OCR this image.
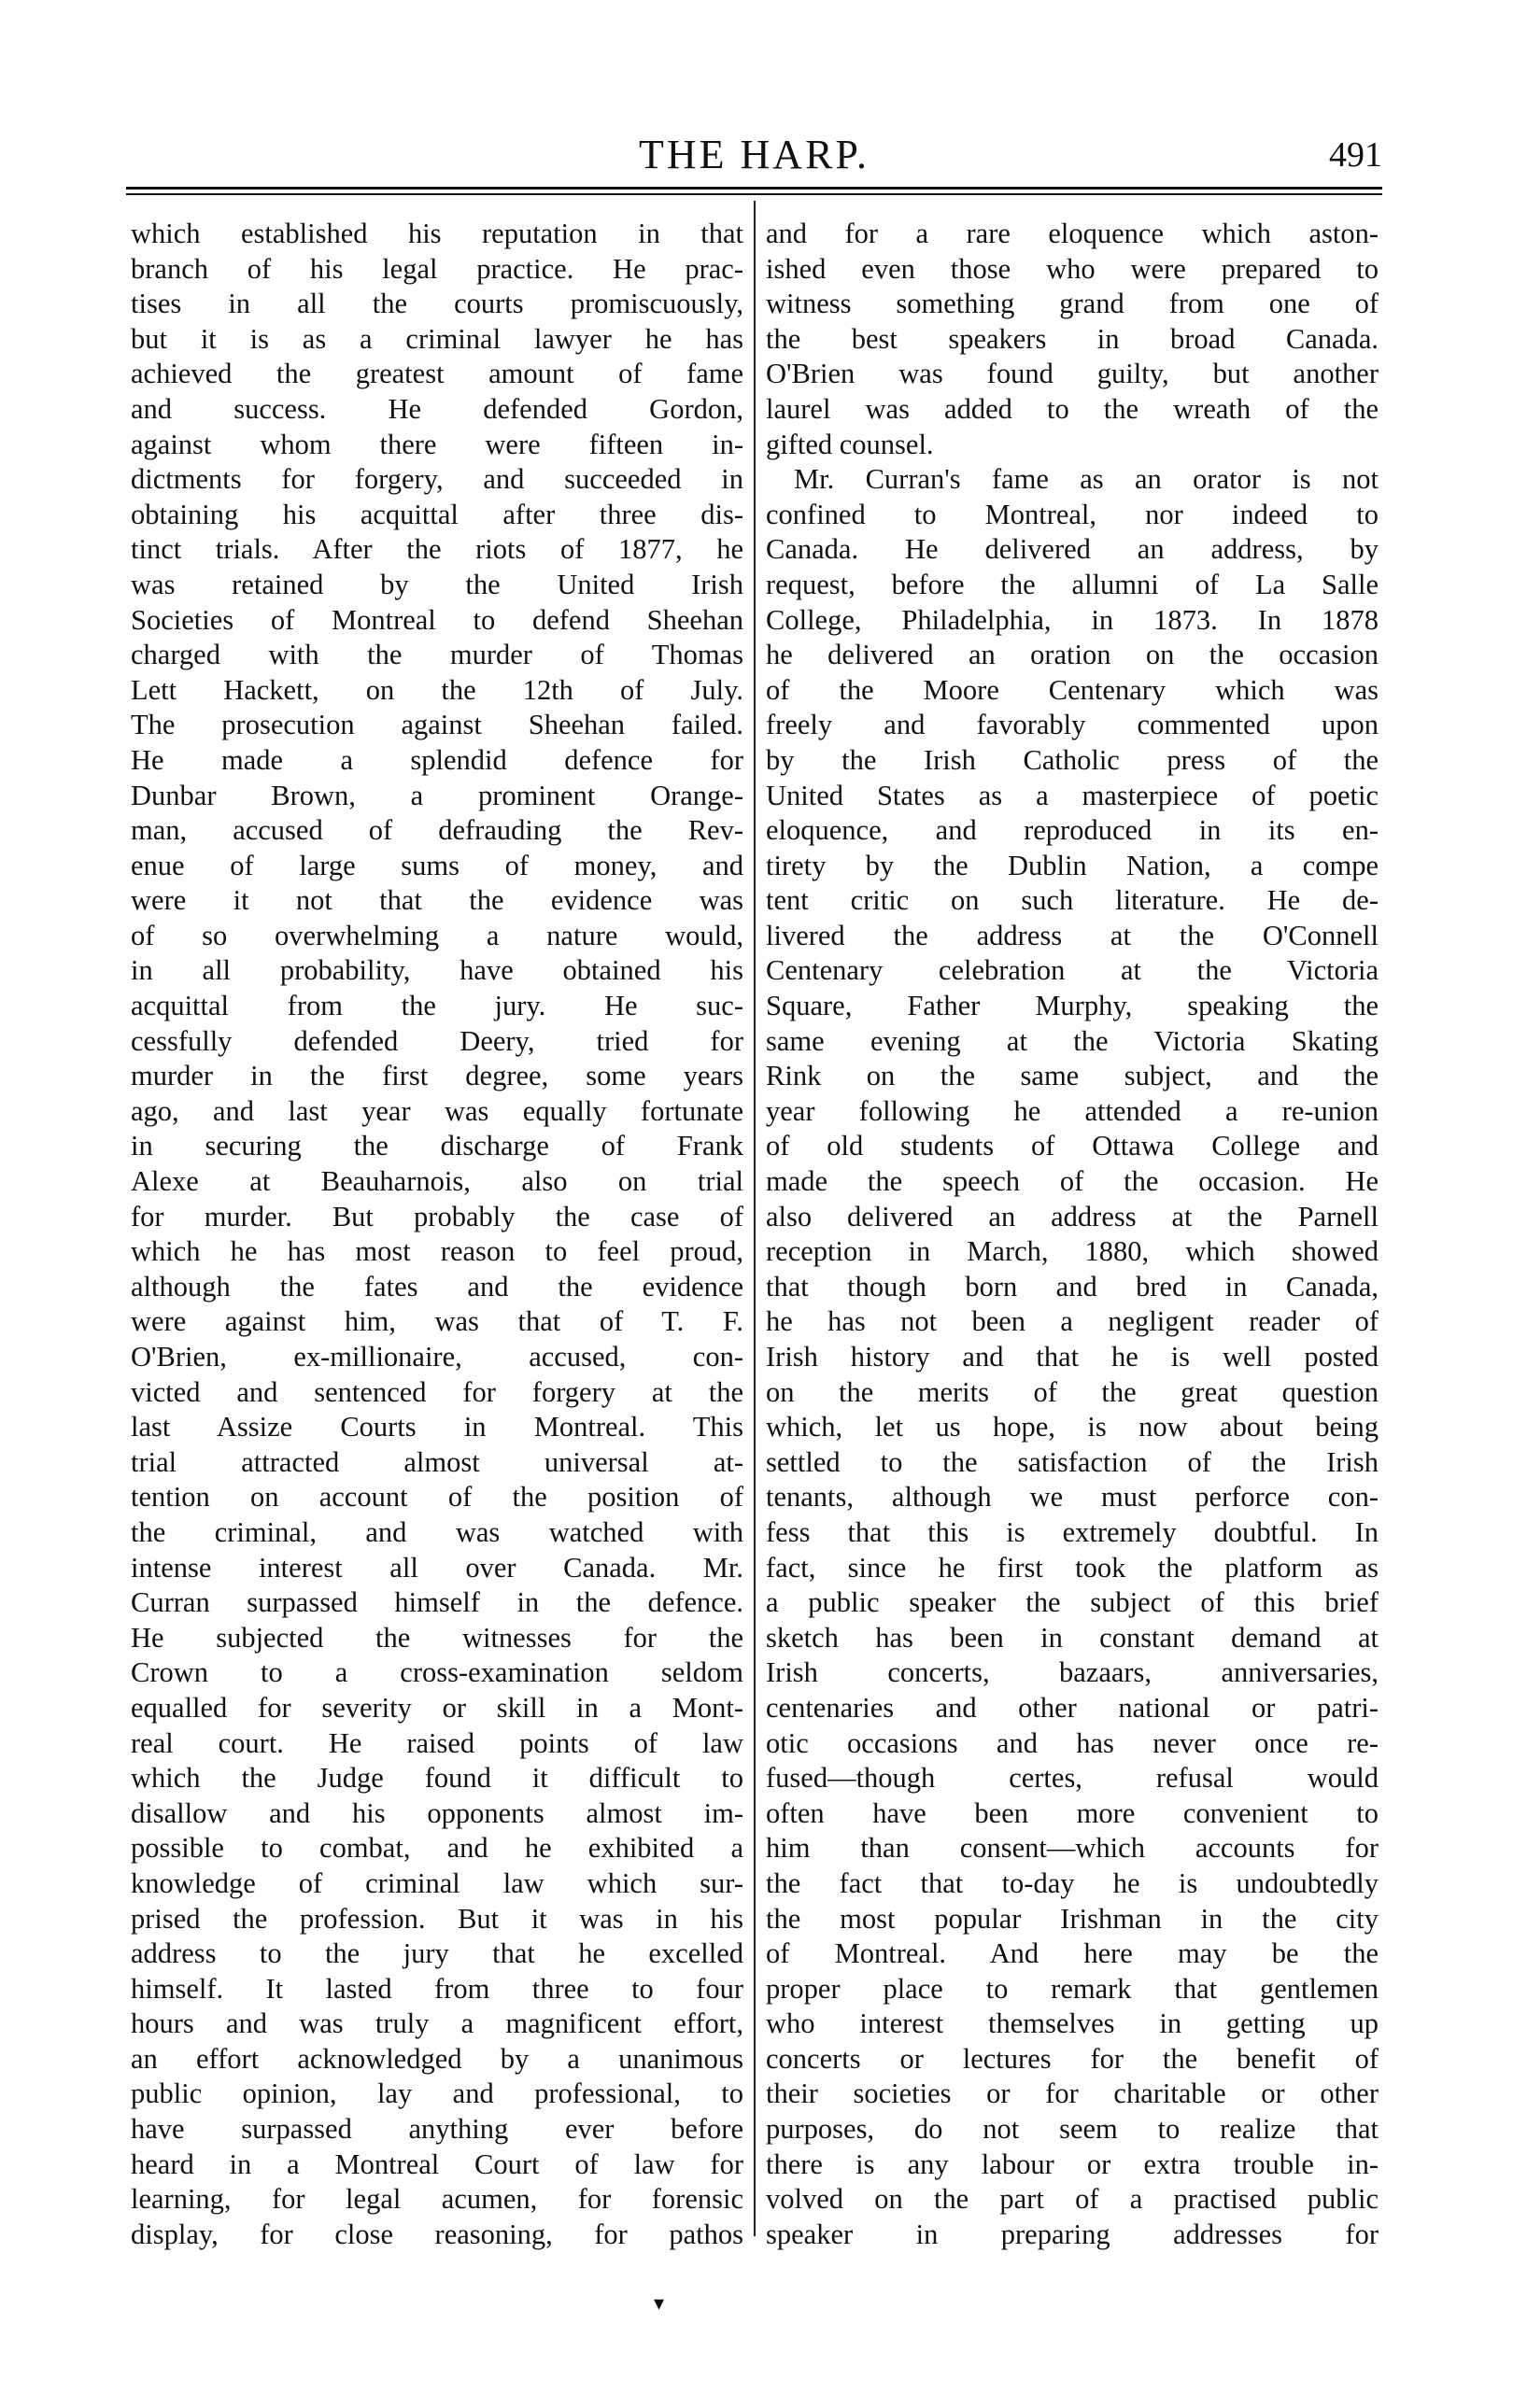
THE HARP.	491
which established his reputation in that
branch of his legal practice. He prac-
tises in all the courts promiscuously,
but it is as a criminal lawyer he has
achieved the greatest amount of fame
and success. He defended Gordon,
against whom there were fifteen in-
dictments for forgery, and succeeded in
obtaining his acquittal after three dis-
tinct trials. After the riots of 1877, he
was retained by the United Irish
Societies of Montreal to defend Sheehan
charged with the murder of Thomas
Lett Hackett, on the 12th of July.
The prosecution against Sheehan failed.
He made a splendid defence for
Dunbar Brown, a prominent Orange-
man, accused of defrauding the Rev-
enue of large sums of money, and
were it not that the evidence was
of so overwhelming a nature would,
in all probability, have obtained his
acquittal from the jury. He suc-
cessfully defended Deery, tried for
murder in the first degree, some years
ago, and last year was equally fortunate
in securing the discharge of Frank
Alexe at Beauharnois, also on trial
for murder. But probably the case of
which he has most reason to feel proud,
although the fates and the evidence
were against him, was that of T. F.
O'Brien, ex-millionaire, accused, con-
victed and sentenced for forgery at the
last Assize Courts in Montreal. This
trial attracted almost universal at-
tention on account of the position of
the criminal, and was watched with
intense interest all over Canada. Mr.
Curran surpassed himself in the defence.
He subjected the witnesses for the
Crown to a cross-examination seldom
equalled for severity or skill in a Mont-
real court. He raised points of law
which the Judge found it difficult to
disallow and his opponents almost im-
possible to combat, and he exhibited a
knowledge of criminal law which sur-
prised the profession. But it was in his
address to the jury that he excelled
himself. It lasted from three to four
hours and was truly a magnificent effort,
an effort acknowledged by a unanimous
public opinion, lay and professional, to
have surpassed anything ever before
heard in a Montreal Court of law for
learning, for legal acumen, for forensic
display, for close reasoning, for pathos
and for a rare eloquence which aston-
ished even those who were prepared to
witness something grand from one of
the best speakers in broad Canada.
O'Brien was found guilty, but another
laurel was added to the wreath of the
gifted counsel.
Mr. Curran's fame as an orator is not
confined to Montreal, nor indeed to
Canada. He delivered an address, by
request, before the allumni of La Salle
College, Philadelphia, in 1873. In 1878
he delivered an oration on the occasion
of the Moore Centenary which was
freely and favorably commented upon
by the Irish Catholic press of the
United States as a masterpiece of poetic
eloquence, and reproduced in its en-
tirety by the Dublin Nation, a compe
tent critic on such literature. He de-
livered the address at the O'Connell
Centenary celebration at the Victoria
Square, Father Murphy, speaking the
same evening at the Victoria Skating
Rink on the same subject, and the
year following he attended a re-union
of old students of Ottawa College and
made the speech of the occasion. He
also delivered an address at the Parnell
reception in March, 1880, which showed
that though born and bred in Canada,
he has not been a negligent reader of
Irish history and that he is well posted
on the merits of the great question
which, let us hope, is now about being
settled to the satisfaction of the Irish
tenants, although we must perforce con-
fess that this is extremely doubtful. In
fact, since he first took the platform as
a public speaker the subject of this brief
sketch has been in constant demand at
Irish concerts, bazaars, anniversaries,
centenaries and other national or patri-
otic occasions and has never once re-
fused—though certes, refusal would
often have been more convenient to
him than consent—which accounts for
the fact that to-day he is undoubtedly
the most popular Irishman in the city
of Montreal. And here may be the
proper place to remark that gentlemen
who interest themselves in getting up
concerts or lectures for the benefit of
their societies or for charitable or other
purposes, do not seem to realize that
there is any labour or extra trouble in-
volved on the part of a practised public
speaker in preparing addresses for
▾
